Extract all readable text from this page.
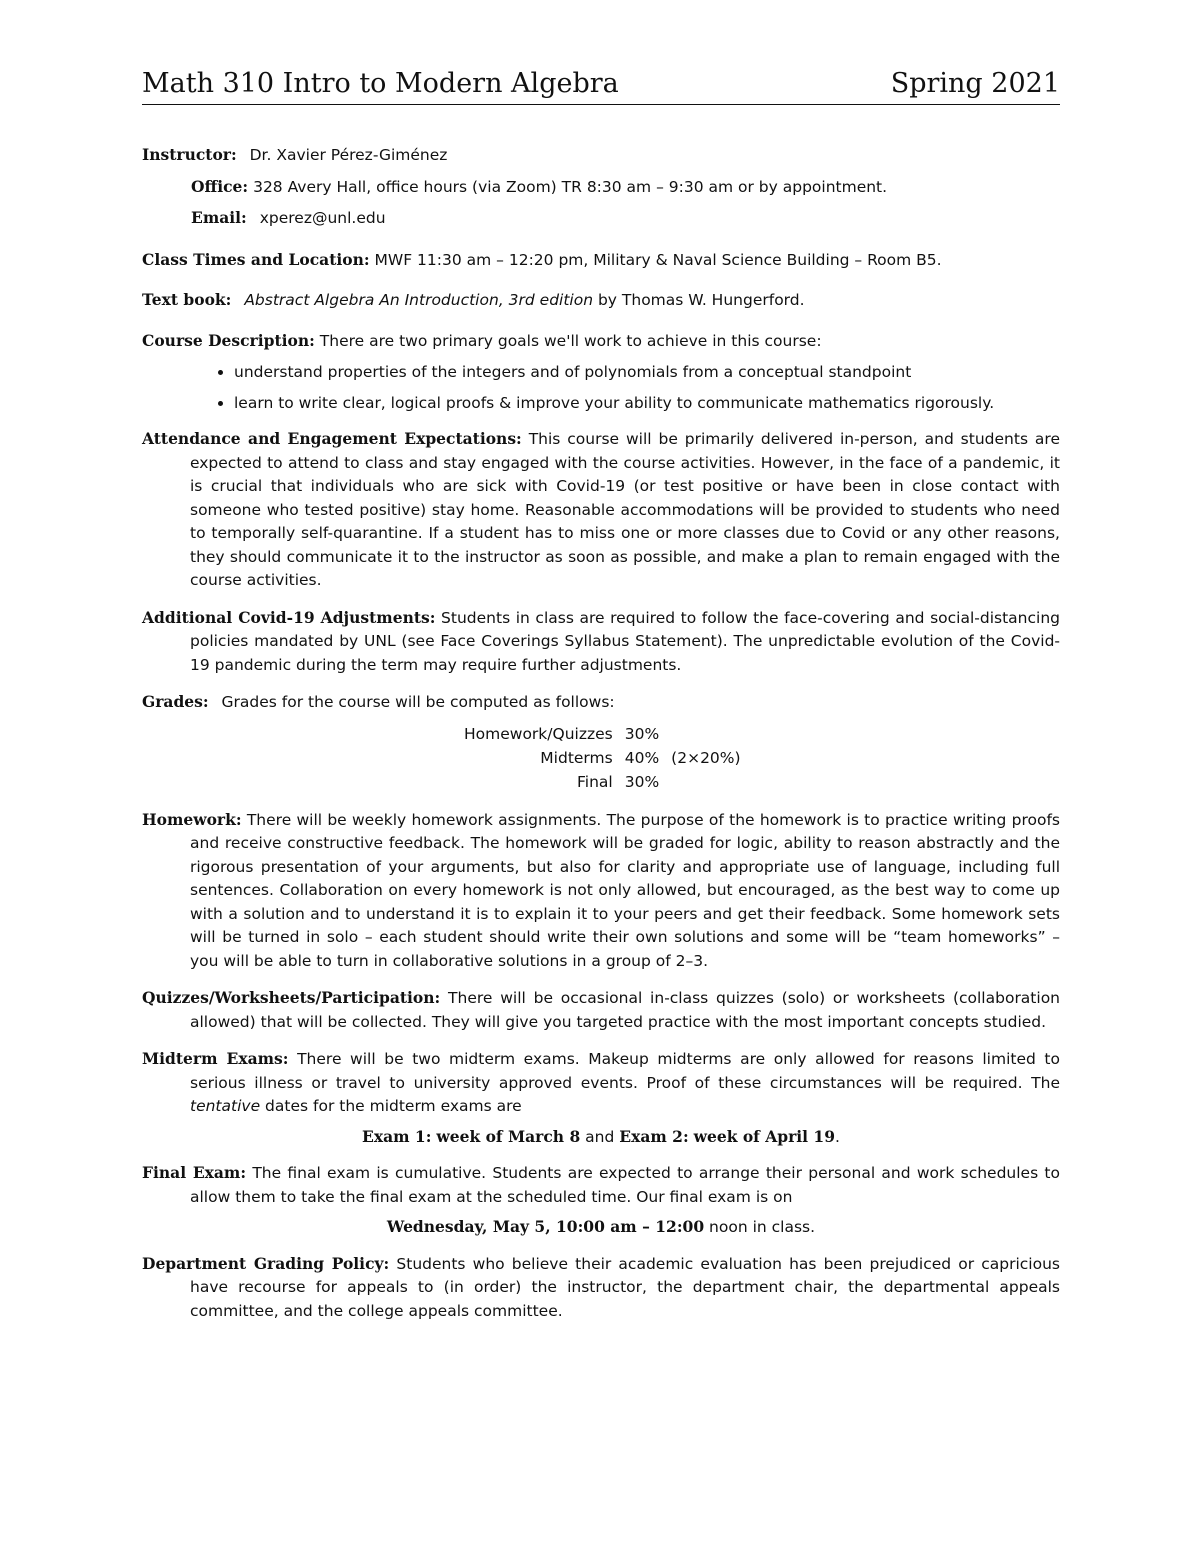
Math 310 Intro to Modern Algebra	Spring 2021
Instructor: Dr. Xavier Pérez-Giménez
Office: 328 Avery Hall, office hours (via Zoom) TR 8:30 am – 9:30 am or by appointment.
Email: xperez@unl.edu
Class Times and Location: MWF 11:30 am – 12:20 pm, Military & Naval Science Building – Room B5.
Text book: Abstract Algebra An Introduction, 3rd edition by Thomas W. Hungerford.
Course Description: There are two primary goals we'll work to achieve in this course:
• understand properties of the integers and of polynomials from a conceptual standpoint
• learn to write clear, logical proofs & improve your ability to communicate mathematics rigorously.
Attendance and Engagement Expectations: This course will be primarily delivered in-person, and students are expected to attend to class and stay engaged with the course activities. However, in the face of a pandemic, it is crucial that individuals who are sick with Covid-19 (or test positive or have been in close contact with someone who tested positive) stay home. Reasonable accommodations will be provided to students who need to temporally self-quarantine. If a student has to miss one or more classes due to Covid or any other reasons, they should communicate it to the instructor as soon as possible, and make a plan to remain engaged with the course activities.
Additional Covid-19 Adjustments: Students in class are required to follow the face-covering and social-distancing policies mandated by UNL (see Face Coverings Syllabus Statement). The unpredictable evolution of the Covid-19 pandemic during the term may require further adjustments.
Grades: Grades for the course will be computed as follows:
Homework/Quizzes	30%	
Midterms	40%	(2×20%)
Final	30%	
Homework: There will be weekly homework assignments. The purpose of the homework is to practice writing proofs and receive constructive feedback. The homework will be graded for logic, ability to reason abstractly and the rigorous presentation of your arguments, but also for clarity and appropriate use of language, including full sentences. Collaboration on every homework is not only allowed, but encouraged, as the best way to come up with a solution and to understand it is to explain it to your peers and get their feedback. Some homework sets will be turned in solo – each student should write their own solutions and some will be “team homeworks” – you will be able to turn in collaborative solutions in a group of 2–3.
Quizzes/Worksheets/Participation: There will be occasional in-class quizzes (solo) or worksheets (collaboration allowed) that will be collected. They will give you targeted practice with the most important concepts studied.
Midterm Exams: There will be two midterm exams. Makeup midterms are only allowed for reasons limited to serious illness or travel to university approved events. Proof of these circumstances will be required. The tentative dates for the midterm exams are
Exam 1: week of March 8 and Exam 2: week of April 19.
Final Exam: The final exam is cumulative. Students are expected to arrange their personal and work schedules to allow them to take the final exam at the scheduled time. Our final exam is on
Wednesday, May 5, 10:00 am – 12:00 noon in class.
Department Grading Policy: Students who believe their academic evaluation has been prejudiced or capricious have recourse for appeals to (in order) the instructor, the department chair, the departmental appeals committee, and the college appeals committee.
